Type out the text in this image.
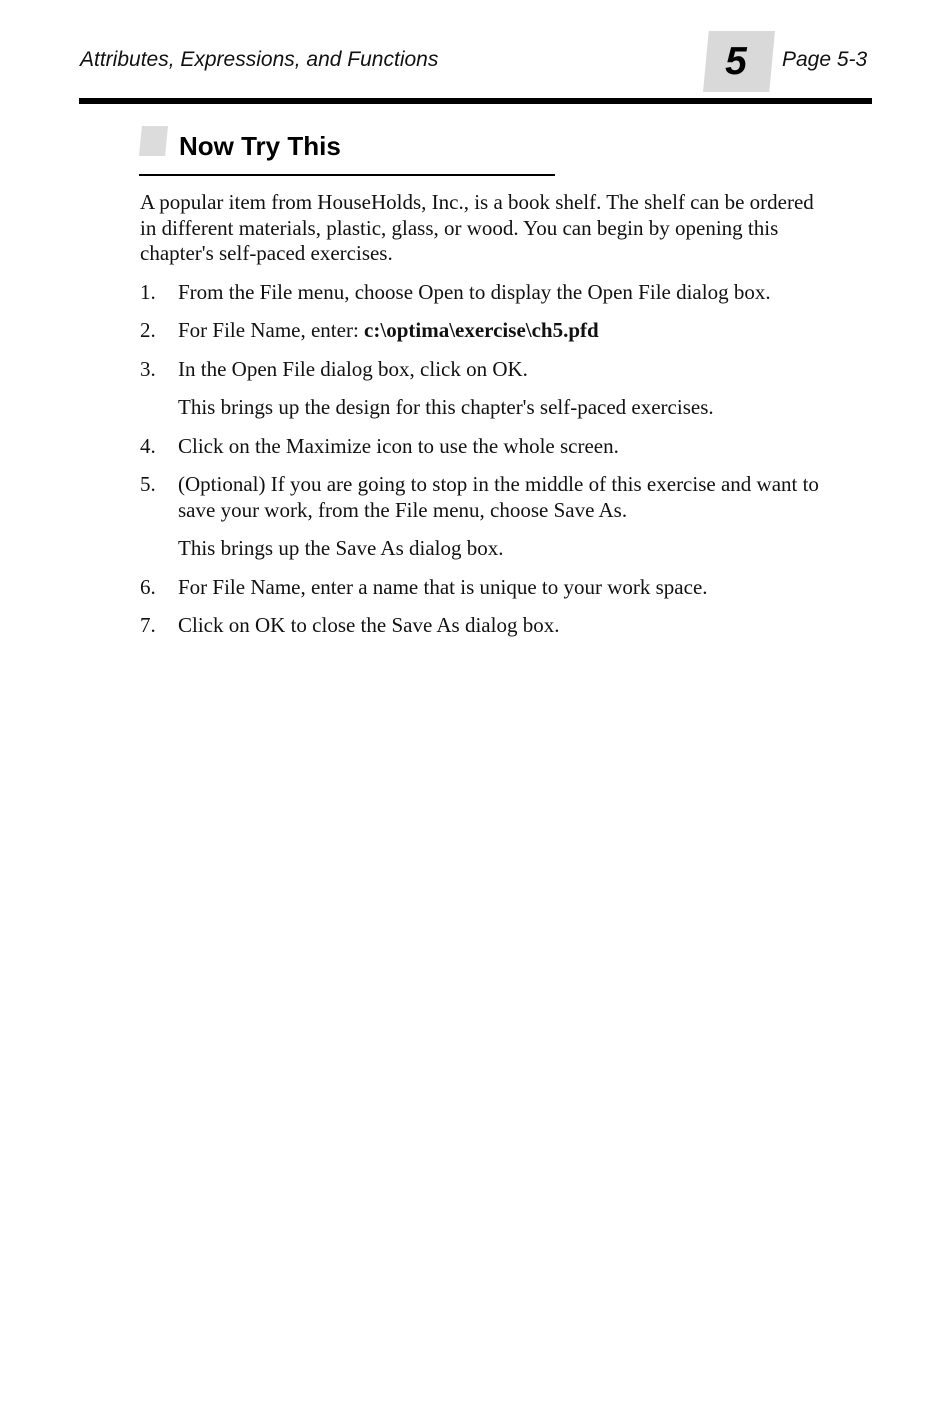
Attributes, Expressions, and Functions	5	Page 5-3
Now Try This

A popular item from HouseHolds, Inc., is a book shelf. The shelf can be ordered in different materials, plastic, glass, or wood. You can begin by opening this chapter's self-paced exercises.

1.	From the File menu, choose Open to display the Open File dialog box.
2.	For File Name, enter: c:\optima\exercise\ch5.pfd
3.	In the Open File dialog box, click on OK.

This brings up the design for this chapter's self-paced exercises.

4.	Click on the Maximize icon to use the whole screen.
5.	(Optional) If you are going to stop in the middle of this exercise and want to save your work, from the File menu, choose Save As.

This brings up the Save As dialog box.

6.	For File Name, enter a name that is unique to your work space.
7.	Click on OK to close the Save As dialog box.
